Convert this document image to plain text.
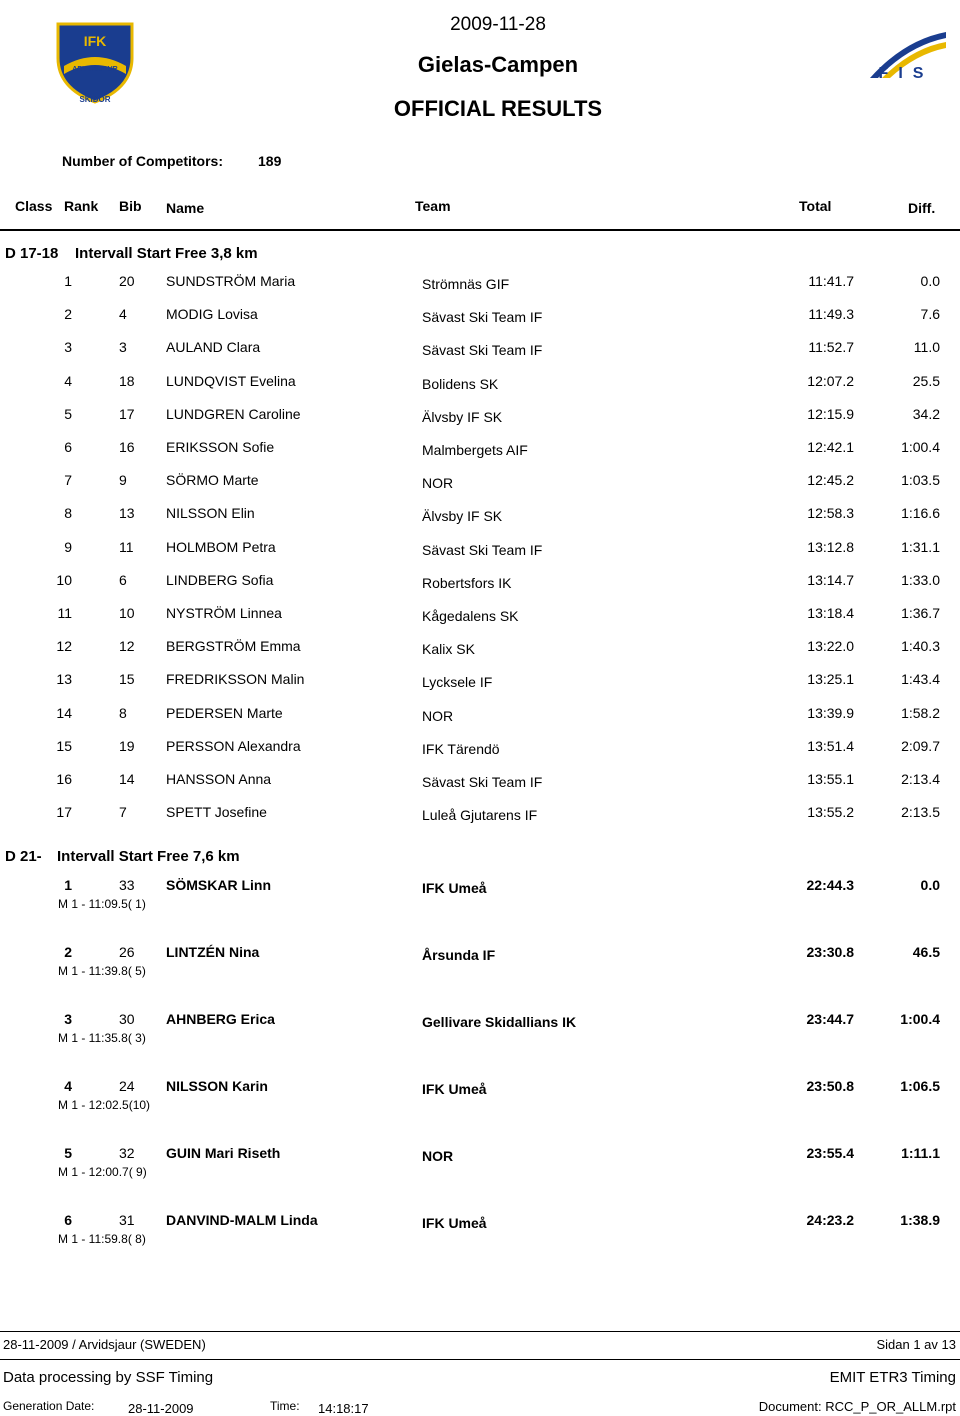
IFK
ARVIDSJAUR
SKIDOR
FIS
2009-11-28
Gielas-Campen
OFFICIAL RESULTS
Number of Competitors:	189
Class Rank Bib Name	Team	Total	Diff.
D 17-18 Intervall Start Free 3,8 km
1	20	SUNDSTRÖM Maria	Strömnäs GIF	11:41.7	0.0
2	4	MODIG Lovisa	Sävast Ski Team IF	11:49.3	7.6
3	3	AULAND Clara	Sävast Ski Team IF	11:52.7	11.0
4	18	LUNDQVIST Evelina	Bolidens SK	12:07.2	25.5
5	17	LUNDGREN Caroline	Älvsby IF SK	12:15.9	34.2
6	16	ERIKSSON Sofie	Malmbergets AIF	12:42.1	1:00.4
7	9	SÖRMO Marte	NOR	12:45.2	1:03.5
8	13	NILSSON Elin	Älvsby IF SK	12:58.3	1:16.6
9	11	HOLMBOM Petra	Sävast Ski Team IF	13:12.8	1:31.1
10	6	LINDBERG Sofia	Robertsfors IK	13:14.7	1:33.0
11	10	NYSTRÖM Linnea	Kågedalens SK	13:18.4	1:36.7
12	12	BERGSTRÖM Emma	Kalix SK	13:22.0	1:40.3
13	15	FREDRIKSSON Malin	Lycksele IF	13:25.1	1:43.4
14	8	PEDERSEN Marte	NOR	13:39.9	1:58.2
15	19	PERSSON Alexandra	IFK Tärendö	13:51.4	2:09.7
16	14	HANSSON Anna	Sävast Ski Team IF	13:55.1	2:13.4
17	7	SPETT Josefine	Luleå Gjutarens IF	13:55.2	2:13.5
D 21- Intervall Start Free 7,6 km
1	33	SÖMSKAR Linn	IFK Umeå	22:44.3	0.0
M 1 - 11:09.5( 1)
2	26	LINTZÉN Nina	Årsunda IF	23:30.8	46.5
M 1 - 11:39.8( 5)
3	30	AHNBERG Erica	Gellivare Skidallians IK	23:44.7	1:00.4
M 1 - 11:35.8( 3)
4	24	NILSSON Karin	IFK Umeå	23:50.8	1:06.5
M 1 - 12:02.5(10)
5	32	GUIN Mari Riseth	NOR	23:55.4	1:11.1
M 1 - 12:00.7( 9)
6	31	DANVIND-MALM Linda	IFK Umeå	24:23.2	1:38.9
M 1 - 11:59.8( 8)
28-11-2009 / Arvidsjaur (SWEDEN)	Sidan 1 av 13
Data processing by SSF Timing	EMIT ETR3 Timing
Generation Date:	28-11-2009	Time: 14:18:17	Document: RCC_P_OR_ALLM.rpt
